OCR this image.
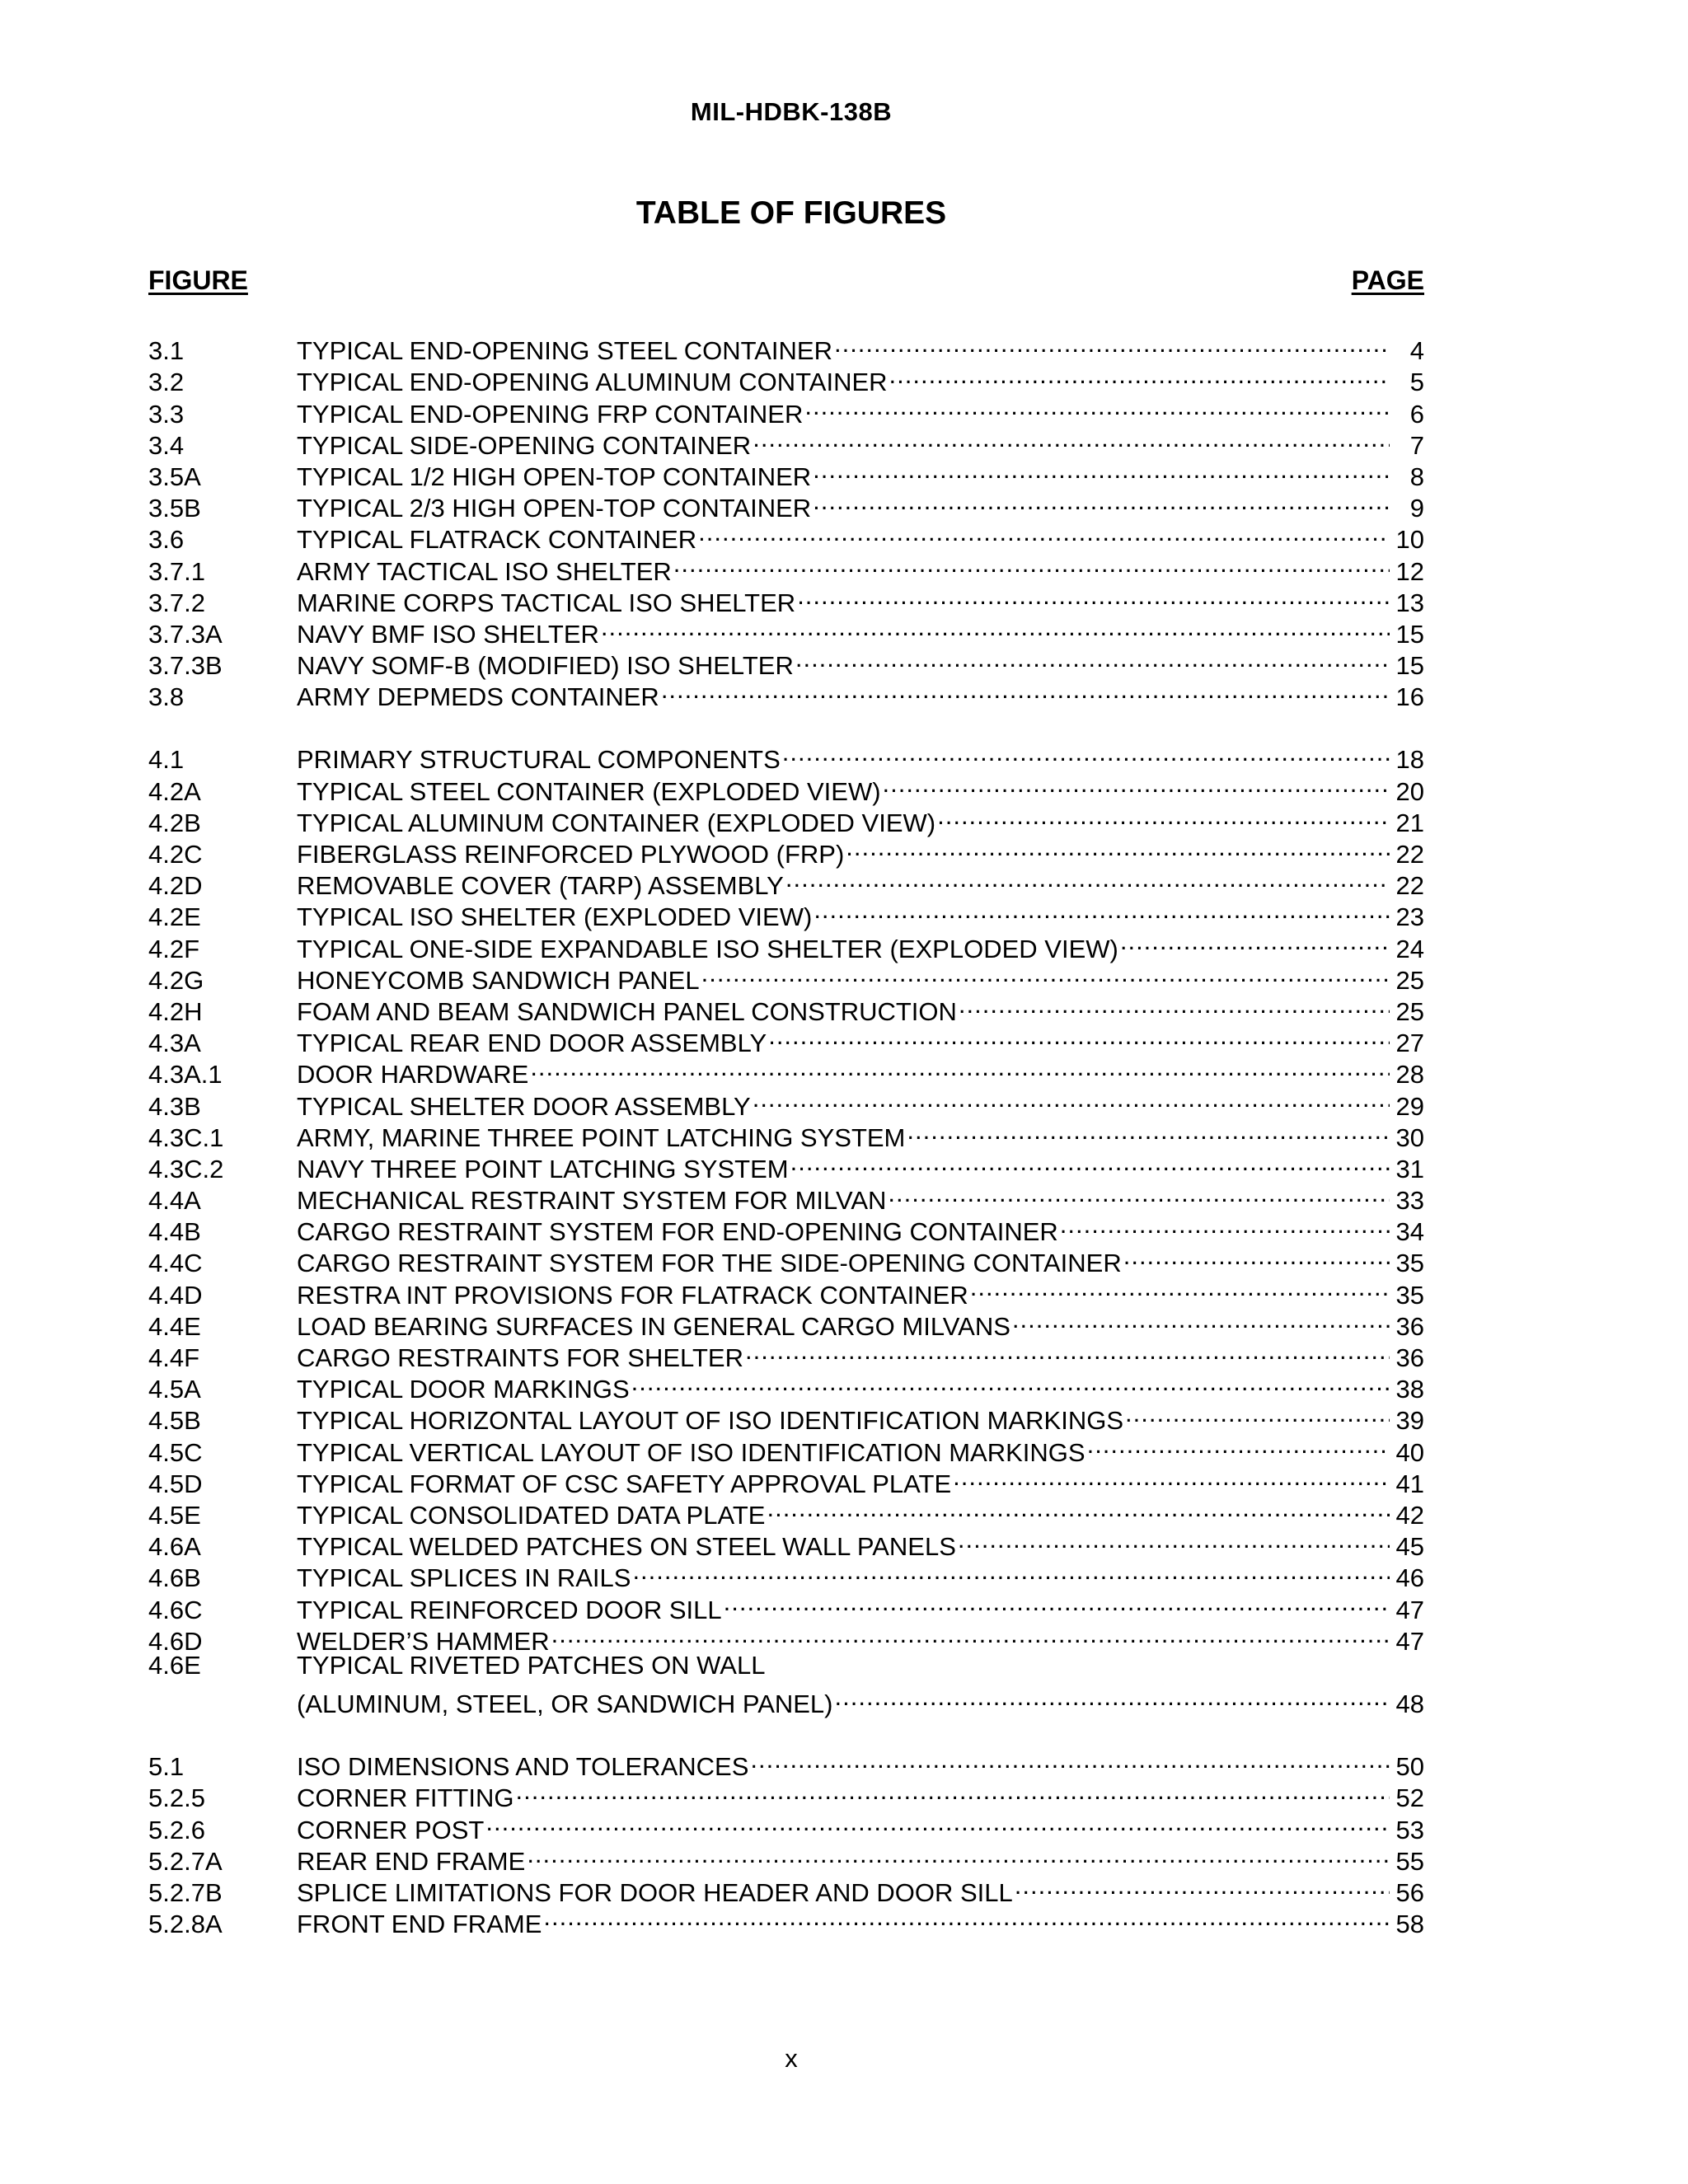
MIL-HDBK-138B
TABLE OF FIGURES
FIGURE	PAGE
3.1	TYPICAL END-OPENING STEEL CONTAINER .....	4
3.2	TYPICAL END-OPENING ALUMINUM CONTAINER .....	5
3.3	TYPICAL END-OPENING FRP CONTAINER .....	6
3.4	TYPICAL SIDE-OPENING CONTAINER .....	7
3.5A	TYPICAL 1/2 HIGH OPEN-TOP CONTAINER .....	8
3.5B	TYPICAL 2/3 HIGH OPEN-TOP CONTAINER .....	9
3.6	TYPICAL FLATRACK CONTAINER .....	10
3.7.1	ARMY TACTICAL ISO SHELTER .....	12
3.7.2	MARINE CORPS TACTICAL ISO SHELTER .....	13
3.7.3A	NAVY BMF ISO SHELTER .....	15
3.7.3B	NAVY SOMF-B (MODIFIED) ISO SHELTER .....	15
3.8	ARMY DEPMEDS CONTAINER .....	16
4.1	PRIMARY STRUCTURAL COMPONENTS .....	18
4.2A	TYPICAL STEEL CONTAINER (EXPLODED VIEW) .....	20
4.2B	TYPICAL ALUMINUM CONTAINER (EXPLODED VIEW) .....	21
4.2C	FIBERGLASS REINFORCED PLYWOOD (FRP) .....	22
4.2D	REMOVABLE COVER (TARP) ASSEMBLY .....	22
4.2E	TYPICAL ISO SHELTER (EXPLODED VIEW) .....	23
4.2F	TYPICAL ONE-SIDE EXPANDABLE ISO SHELTER (EXPLODED VIEW) .....	24
4.2G	HONEYCOMB SANDWICH PANEL .....	25
4.2H	FOAM AND BEAM SANDWICH PANEL CONSTRUCTION .....	25
4.3A	TYPICAL REAR END DOOR ASSEMBLY .....	27
4.3A.1	DOOR HARDWARE .....	28
4.3B	TYPICAL SHELTER DOOR ASSEMBLY .....	29
4.3C.1	ARMY, MARINE THREE POINT LATCHING SYSTEM .....	30
4.3C.2	NAVY THREE POINT LATCHING SYSTEM .....	31
4.4A	MECHANICAL RESTRAINT SYSTEM FOR MILVAN .....	33
4.4B	CARGO RESTRAINT SYSTEM FOR END-OPENING CONTAINER .....	34
4.4C	CARGO RESTRAINT SYSTEM FOR THE SIDE-OPENING CONTAINER .....	35
4.4D	RESTRA INT PROVISIONS FOR FLATRACK CONTAINER .....	35
4.4E	LOAD BEARING SURFACES IN GENERAL CARGO MILVANS .....	36
4.4F	CARGO RESTRAINTS FOR SHELTER .....	36
4.5A	TYPICAL DOOR MARKINGS .....	38
4.5B	TYPICAL HORIZONTAL LAYOUT OF ISO IDENTIFICATION MARKINGS .....	39
4.5C	TYPICAL VERTICAL LAYOUT OF ISO IDENTIFICATION MARKINGS .....	40
4.5D	TYPICAL FORMAT OF CSC SAFETY APPROVAL PLATE .....	41
4.5E	TYPICAL CONSOLIDATED DATA PLATE .....	42
4.6A	TYPICAL WELDED PATCHES ON STEEL WALL PANELS .....	45
4.6B	TYPICAL SPLICES IN RAILS .....	46
4.6C	TYPICAL REINFORCED DOOR SILL .....	47
4.6D	WELDER’S HAMMER .....	47
4.6E	TYPICAL RIVETED PATCHES ON WALL
(ALUMINUM, STEEL, OR SANDWICH PANEL) .....	48
5.1	ISO DIMENSIONS AND TOLERANCES .....	50
5.2.5	CORNER FITTING .....	52
5.2.6	CORNER POST .....	53
5.2.7A	REAR END FRAME .....	55
5.2.7B	SPLICE LIMITATIONS FOR DOOR HEADER AND DOOR SILL .....	56
5.2.8A	FRONT END FRAME .....	58
x
